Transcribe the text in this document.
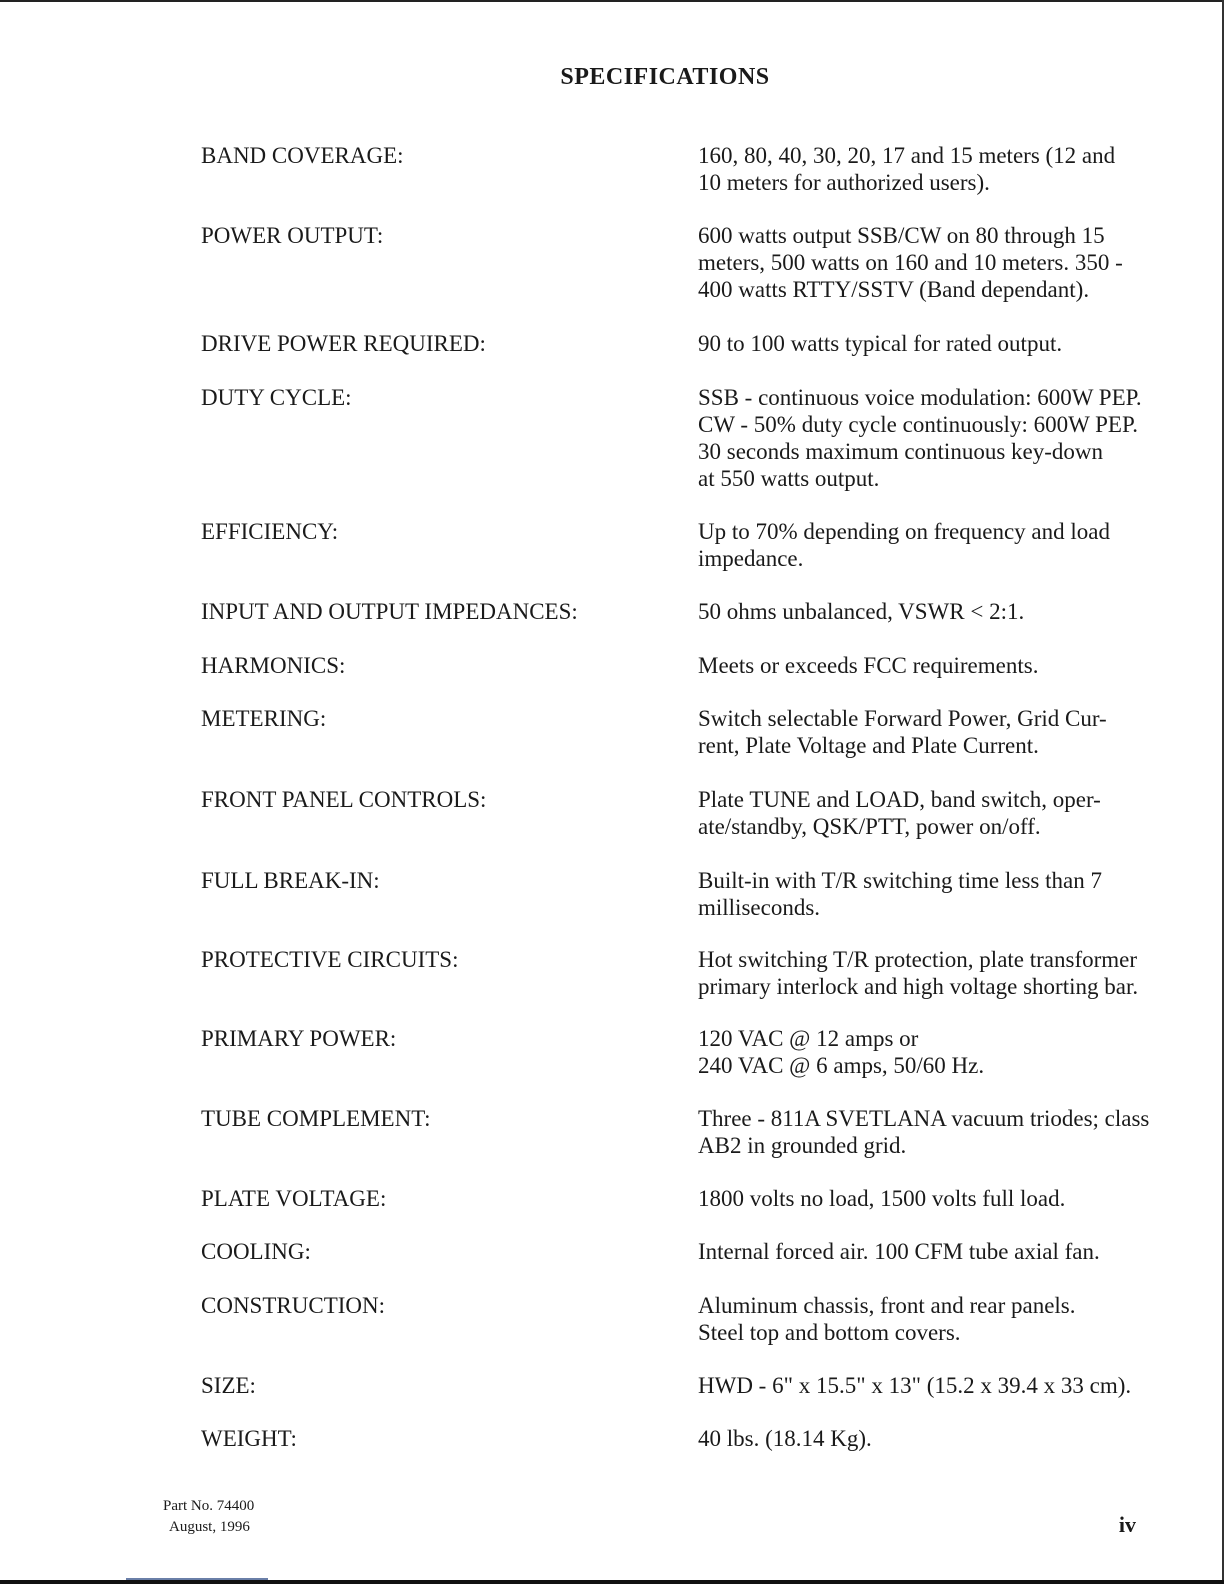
SPECIFICATIONS
BAND COVERAGE:	160, 80, 40, 30, 20, 17 and 15 meters (12 and
10 meters for authorized users).
POWER OUTPUT:	600 watts output SSB/CW on 80 through 15
meters, 500 watts on 160 and 10 meters. 350 -
400 watts RTTY/SSTV (Band dependant).
DRIVE POWER REQUIRED:	90 to 100 watts typical for rated output.
DUTY CYCLE:	SSB - continuous voice modulation: 600W PEP.
CW - 50% duty cycle continuously: 600W PEP.
30 seconds maximum continuous key-down
at 550 watts output.
EFFICIENCY:	Up to 70% depending on frequency and load
impedance.
INPUT AND OUTPUT IMPEDANCES:	50 ohms unbalanced, VSWR < 2:1.
HARMONICS:	Meets or exceeds FCC requirements.
METERING:	Switch selectable Forward Power, Grid Cur-
rent, Plate Voltage and Plate Current.
FRONT PANEL CONTROLS:	Plate TUNE and LOAD, band switch, oper-
ate/standby, QSK/PTT, power on/off.
FULL BREAK-IN:	Built-in with T/R switching time less than 7
milliseconds.
PROTECTIVE CIRCUITS:	Hot switching T/R protection, plate transformer
primary interlock and high voltage shorting bar.
PRIMARY POWER:	120 VAC @ 12 amps or
240 VAC @ 6 amps, 50/60 Hz.
TUBE COMPLEMENT:	Three - 811A SVETLANA vacuum triodes; class
AB2 in grounded grid.
PLATE VOLTAGE:	1800 volts no load, 1500 volts full load.
COOLING:	Internal forced air. 100 CFM tube axial fan.
CONSTRUCTION:	Aluminum chassis, front and rear panels.
Steel top and bottom covers.
SIZE:	HWD - 6" x 15.5" x 13" (15.2 x 39.4 x 33 cm).
WEIGHT:	40 lbs. (18.14 Kg).
Part No. 74400
August, 1996	iv
